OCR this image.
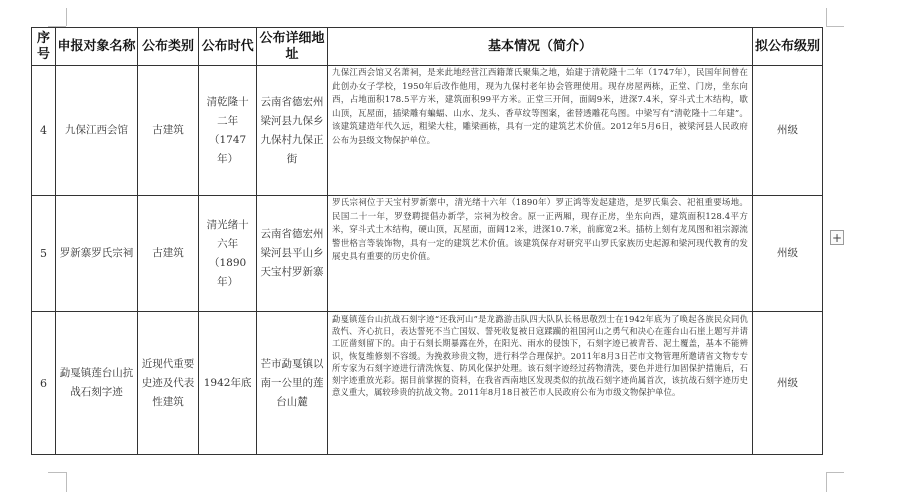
+
序号	申报对象名称	公布类别	公布时代	公布详细地址	基本情况（简介）	拟公布级别
4	九保江西会馆	古建筑	清乾隆十二年（1747年）	云南省德宏州梁河县九保乡九保村九保正街	九保江西会馆又名萧祠，是来此地经营江西籍萧氏聚集之地，始建于清乾隆十二年（1747年），民国年间曾在此创办女子学校，1950年后改作他用，现为九保村老年协会管理使用。现存房屋两栋，正堂、门房，坐东向西，占地面积178.5平方米，建筑面积99平方米。正堂三开间，面阔9米，进深7.4米，穿斗式土木结构，歇山顶，瓦屋面，插梁雕有蝙蝠、山水、龙头、香草纹等图案，雀替透雕花鸟图。中梁写有“清乾隆十二年建”。该建筑建造年代久远，粗梁大柱，雕梁画栋，具有一定的建筑艺术价值。2012年5月6日，被梁河县人民政府公布为县级文物保护单位。	州级
5	罗新寨罗氏宗祠	古建筑	清光绪十六年（1890年）	云南省德宏州梁河县平山乡天宝村罗新寨	罗氏宗祠位于天宝村罗新寨中，清光绪十六年（1890年）罗正鸿等发起建造，是罗氏集会、祀祖重要场地。民国二十一年，罗登聘提倡办新学，宗祠为校舍。原一正两厢，现存正房，坐东向西，建筑面积128.4平方米，穿斗式土木结构，硬山顶，瓦屋面，面阔12米，进深10.7米，前廊宽2米。插枋上刻有龙凤图和祖宗源流警世格言等装饰物，具有一定的建筑艺术价值。该建筑保存对研究平山罗氏家族历史起源和梁河现代教育的发展史具有重要的历史价值。	州级
6	勐戛镇莲台山抗战石刻字迹	近现代重要史迹及代表性建筑	1942年底	芒市勐戛镇以南一公里的莲台山麓	勐戛镇莲台山抗战石刻字迹“还我河山”是龙潞游击队四大队队长杨思敬烈士在1942年底为了唤起各族民众同仇敌忾、齐心抗日，表达誓死不当亡国奴、誓死收复被日寇蹂躏的祖国河山之勇气和决心在莲台山石崖上题写并请工匠凿刻留下的。由于石刻长期暴露在外，在阳光、雨水的侵蚀下，石刻字迹已被青苔、泥土覆盖，基本不能辨识，恢复维修刻不容缓。为挽救珍贵文物，进行科学合理保护。2011年8月3日芒市文物管理所邀请省文物专专所专家为石刻字迹进行清洗恢复、防风化保护处理。该石刻字迹经过药物清洗，要色并进行加固保护措施后，石刻字迹重放光彩。据目前掌握的资料，在我省西南地区发现类似的抗战石刻字迹尚属首次，该抗战石刻字迹历史意义重大，属较珍贵的抗战文物。2011年8月18日被芒市人民政府公布为市级文物保护单位。	州级
